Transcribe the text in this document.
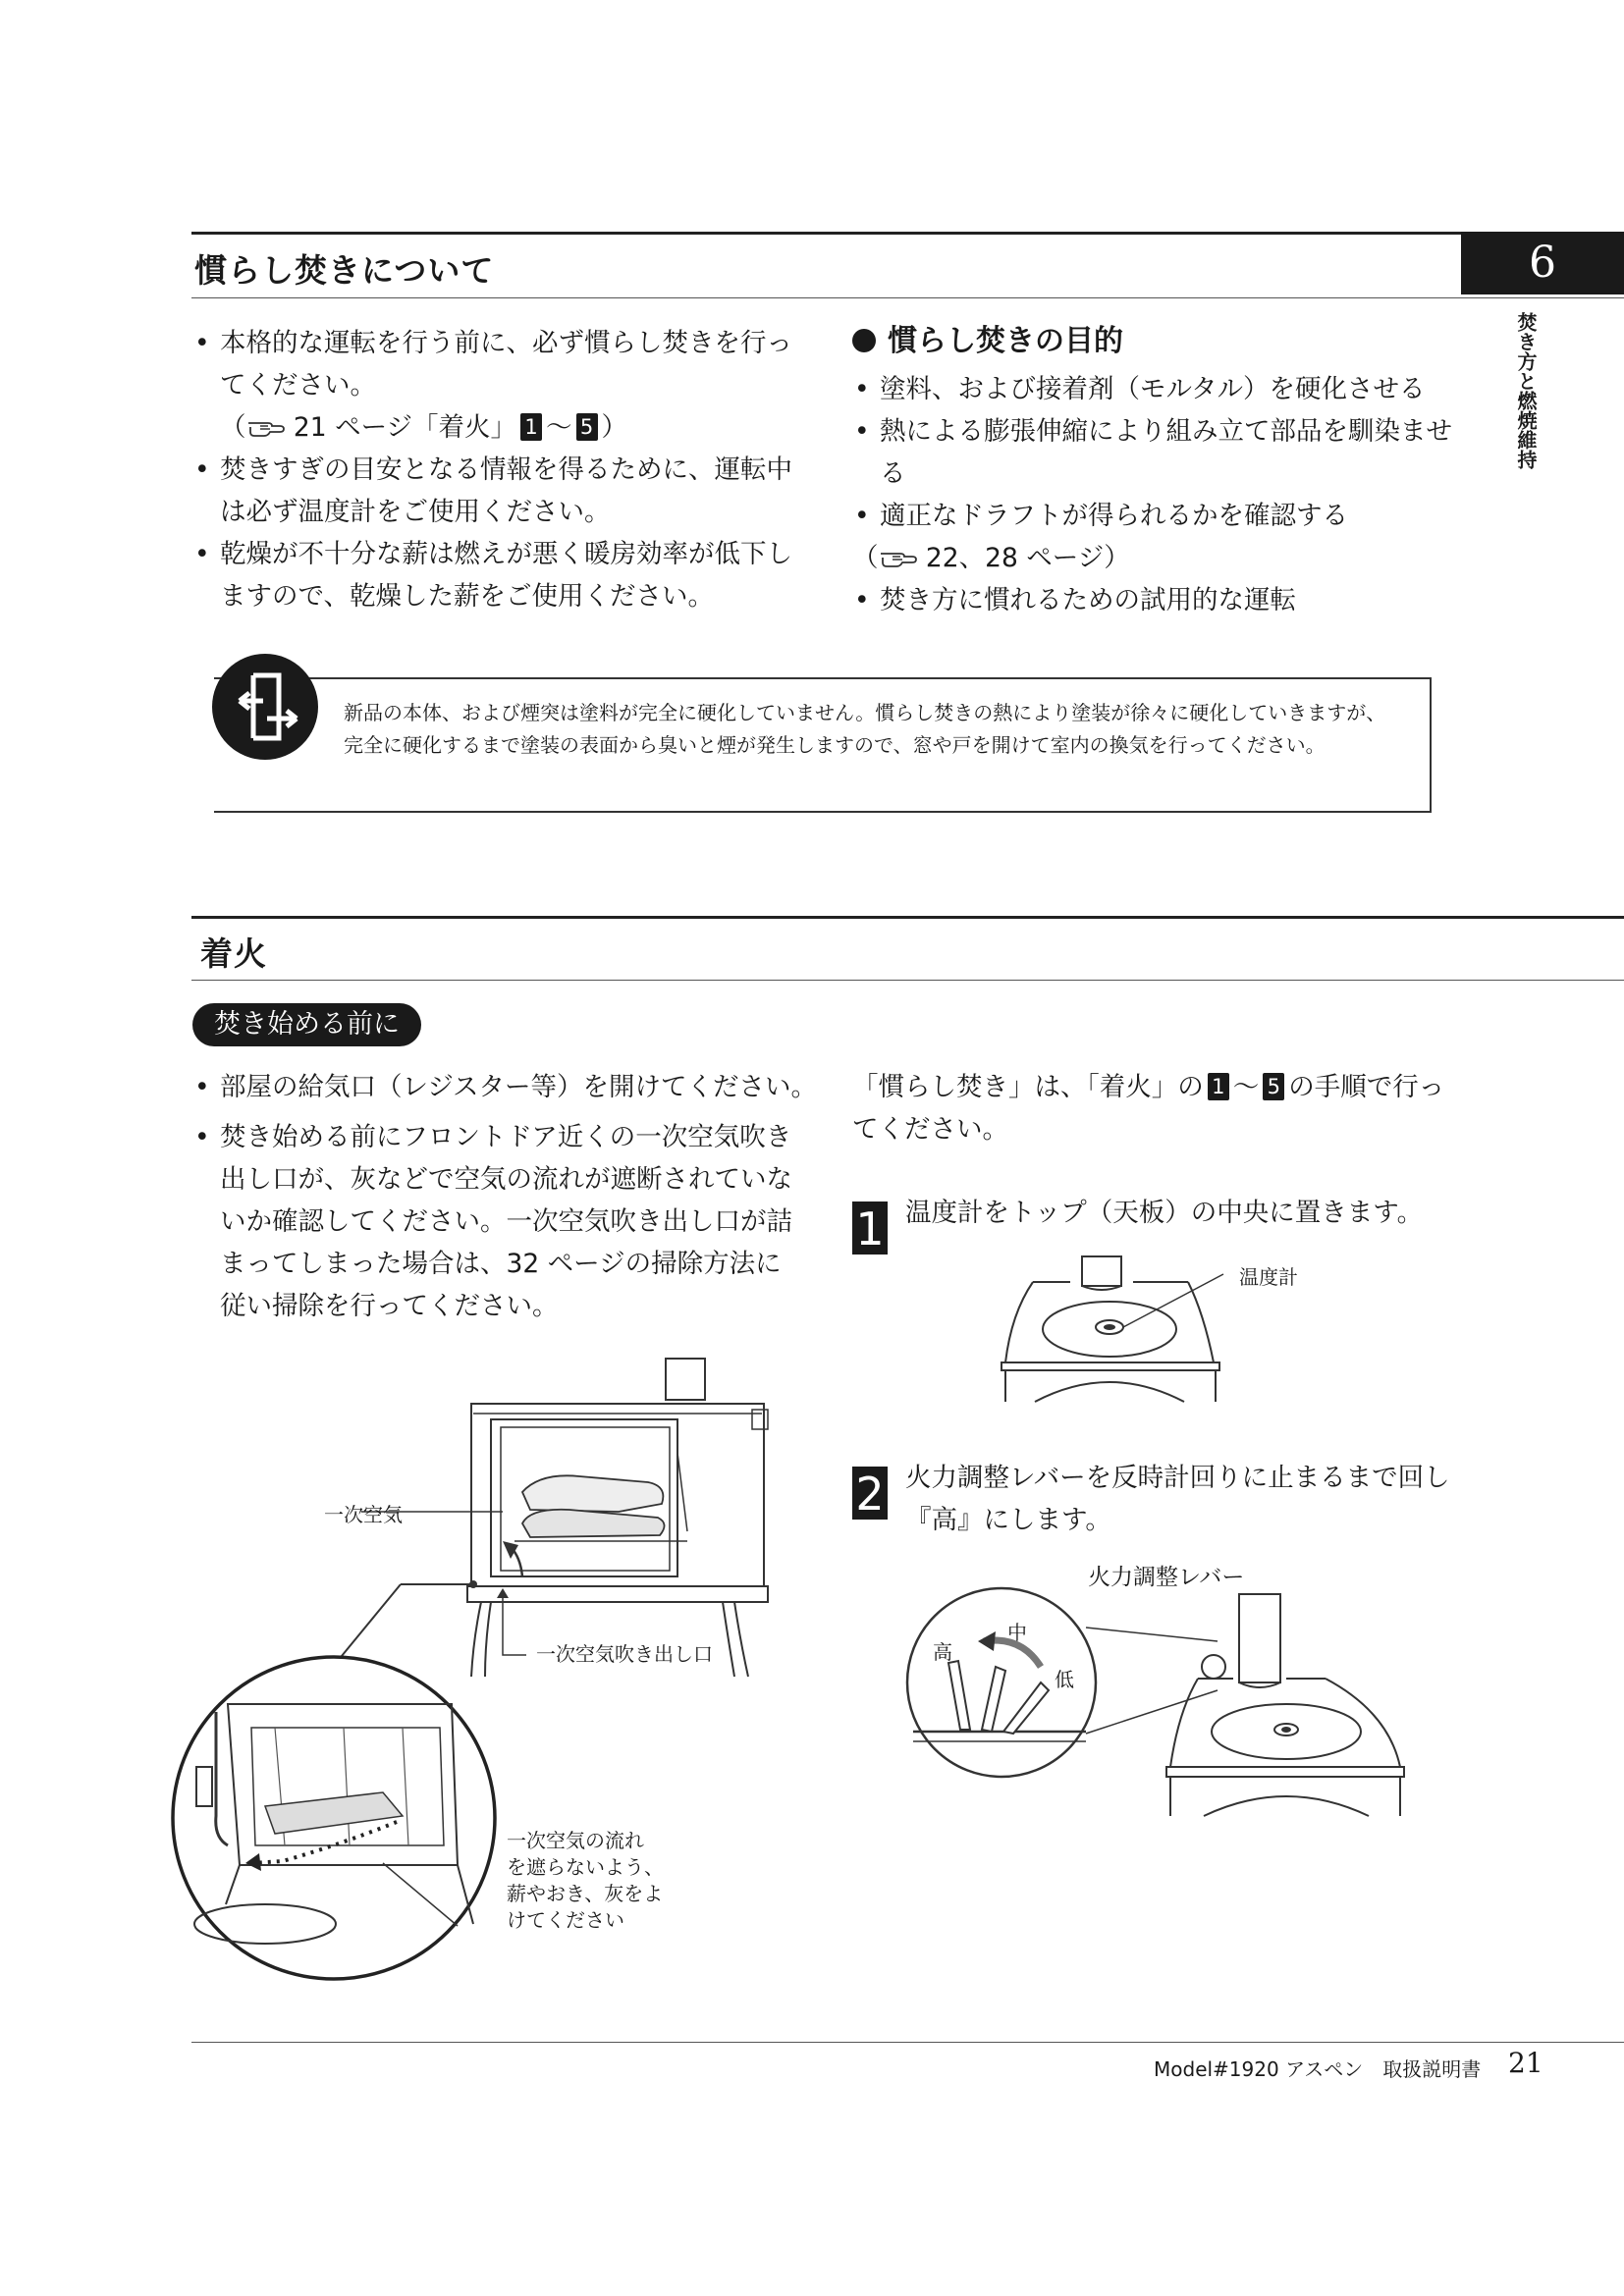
慣らし焚きについて	6
焚き方と燃焼維持
• 本格的な運転を行う前に、必ず慣らし焚きを行っ
てください。
（ 21 ページ「着火」 1 ～ 5 ）
• 焚きすぎの目安となる情報を得るために、運転中
は必ず温度計をご使用ください。
• 乾燥が不十分な薪は燃えが悪く暖房効率が低下し
ますので、乾燥した薪をご使用ください。
慣らし焚きの目的
• 塗料、および接着剤（モルタル）を硬化させる
• 熱による膨張伸縮により組み立て部品を馴染ませる
• 適正なドラフトが得られるかを確認する
（ 22、28 ページ）
• 焚き方に慣れるための試用的な運転
新品の本体、および煙突は塗料が完全に硬化していません。慣らし焚きの熱により塗装が徐々に硬化していきますが、完全に硬化するまで塗装の表面から臭いと煙が発生しますので、窓や戸を開けて室内の換気を行ってください。
着火
焚き始める前に
• 部屋の給気口（レジスター等）を開けてください。
• 焚き始める前にフロントドア近くの一次空気吹き
出し口が、灰などで空気の流れが遮断されていな
いか確認してください。一次空気吹き出し口が詰
まってしまった場合は、32 ページの掃除方法に
従い掃除を行ってください。
「慣らし焚き」は、「着火」の 1 ～ 5 の手順で行っ
てください。
1 温度計をトップ（天板）の中央に置きます。
温度計
2 火力調整レバーを反時計回りに止まるまで回し
『高』にします。
火力調整レバー
高
中
低
一次空気
一次空気吹き出し口
一次空気の流れ
を遮らないよう、
薪やおき、灰をよ
けてください
Model#1920 アスペン　取扱説明書 21
